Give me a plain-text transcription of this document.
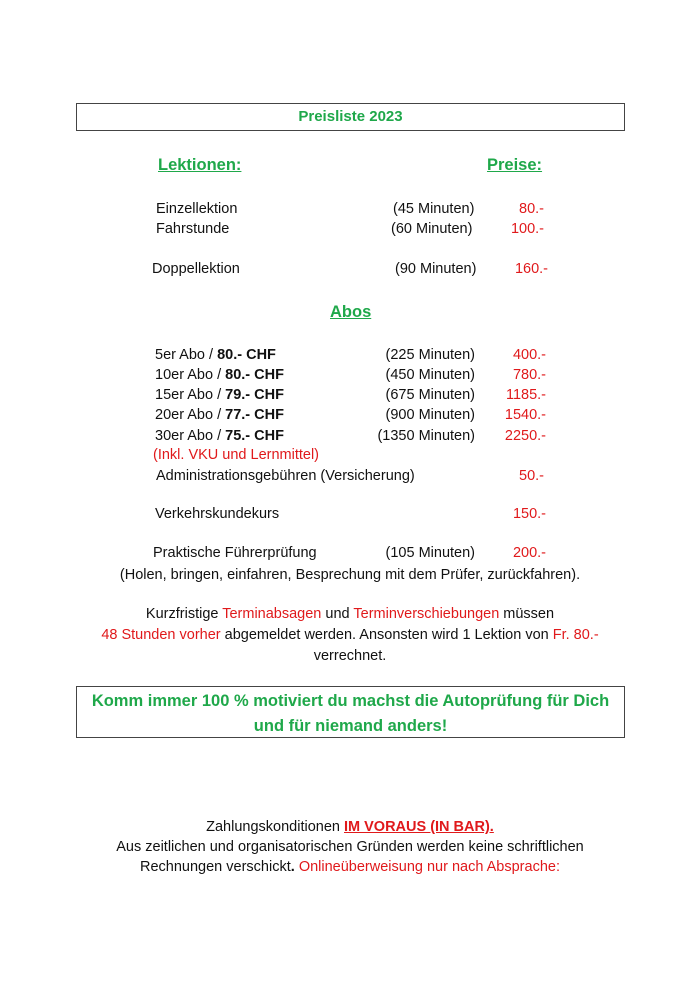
Preisliste 2023
Lektionen:	Preise:
Einzellektion	(45 Minuten)	80.-
Fahrstunde	(60 Minuten)	100.-
Doppellektion	(90 Minuten)	160.-
Abos
5er Abo / 80.- CHF	(225 Minuten)	400.-
10er Abo / 80.- CHF	(450 Minuten)	780.-
15er Abo / 79.- CHF	(675 Minuten)	1185.-
20er Abo / 77.- CHF	(900 Minuten)	1540.-
30er Abo / 75.- CHF	(1350 Minuten)	2250.-
(Inkl. VKU und Lernmittel)
Administrationsgebühren (Versicherung)	50.-
Verkehrskundekurs	150.-
Praktische Führerprüfung	(105 Minuten)	200.-
(Holen, bringen, einfahren, Besprechung mit dem Prüfer, zurückfahren).
Kurzfristige Terminabsagen und Terminverschiebungen müssen
48 Stunden vorher abgemeldet werden. Ansonsten wird 1 Lektion von Fr. 80.-
verrechnet.
Komm immer 100 % motiviert du machst die Autoprüfung für Dich
und für niemand anders!
Zahlungskonditionen IM VORAUS (IN BAR).
Aus zeitlichen und organisatorischen Gründen werden keine schriftlichen
Rechnungen verschickt. Onlineüberweisung nur nach Absprache:
